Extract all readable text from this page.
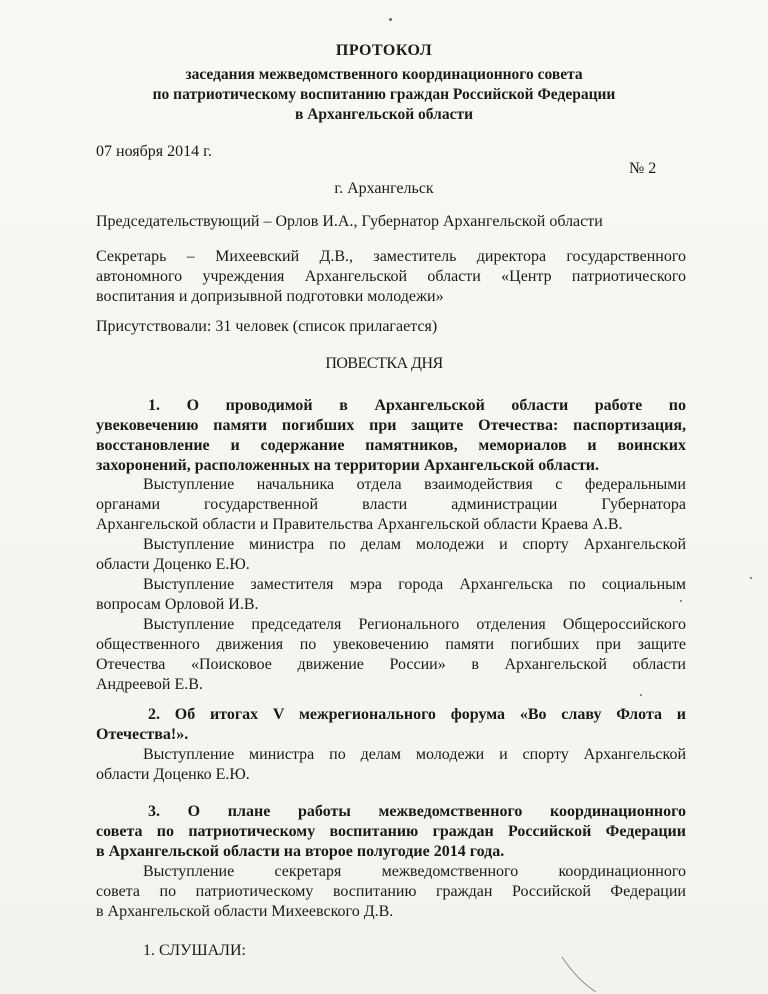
ПРОТОКОЛ
заседания межведомственного координационного совета
по патриотическому воспитанию граждан Российской Федерации
в Архангельской области
07 ноября 2014 г.
№ 2
г. Архангельск
Председательствующий – Орлов И.А., Губернатор Архангельской области
Секретарь – Михеевский Д.В., заместитель директора государственного
автономного учреждения Архангельской области «Центр патриотического
воспитания и допризывной подготовки молодежи»
Присутствовали: 31 человек (список прилагается)
ПОВЕСТКА ДНЯ
1. О проводимой в Архангельской области работе по
увековечению памяти погибших при защите Отечества: паспортизация,
восстановление и содержание памятников, мемориалов и воинских
захоронений, расположенных на территории Архангельской области.
Выступление начальника отдела взаимодействия с федеральными
органами государственной власти администрации Губернатора
Архангельской области и Правительства Архангельской области Краева А.В.
Выступление министра по делам молодежи и спорту Архангельской
области Доценко Е.Ю.
Выступление заместителя мэра города Архангельска по социальным
вопросам Орловой И.В.
Выступление председателя Регионального отделения Общероссийского
общественного движения по увековечению памяти погибших при защите
Отечества «Поисковое движение России» в Архангельской области
Андреевой Е.В.
2. Об итогах V межрегионального форума «Во славу Флота и
Отечества!».
Выступление министра по делам молодежи и спорту Архангельской
области Доценко Е.Ю.
3. О плане работы межведомственного координационного
совета по патриотическому воспитанию граждан Российской Федерации
в Архангельской области на второе полугодие 2014 года.
Выступление секретаря межведомственного координационного
совета по патриотическому воспитанию граждан Российской Федерации
в Архангельской области Михеевского Д.В.
1. СЛУШАЛИ:
